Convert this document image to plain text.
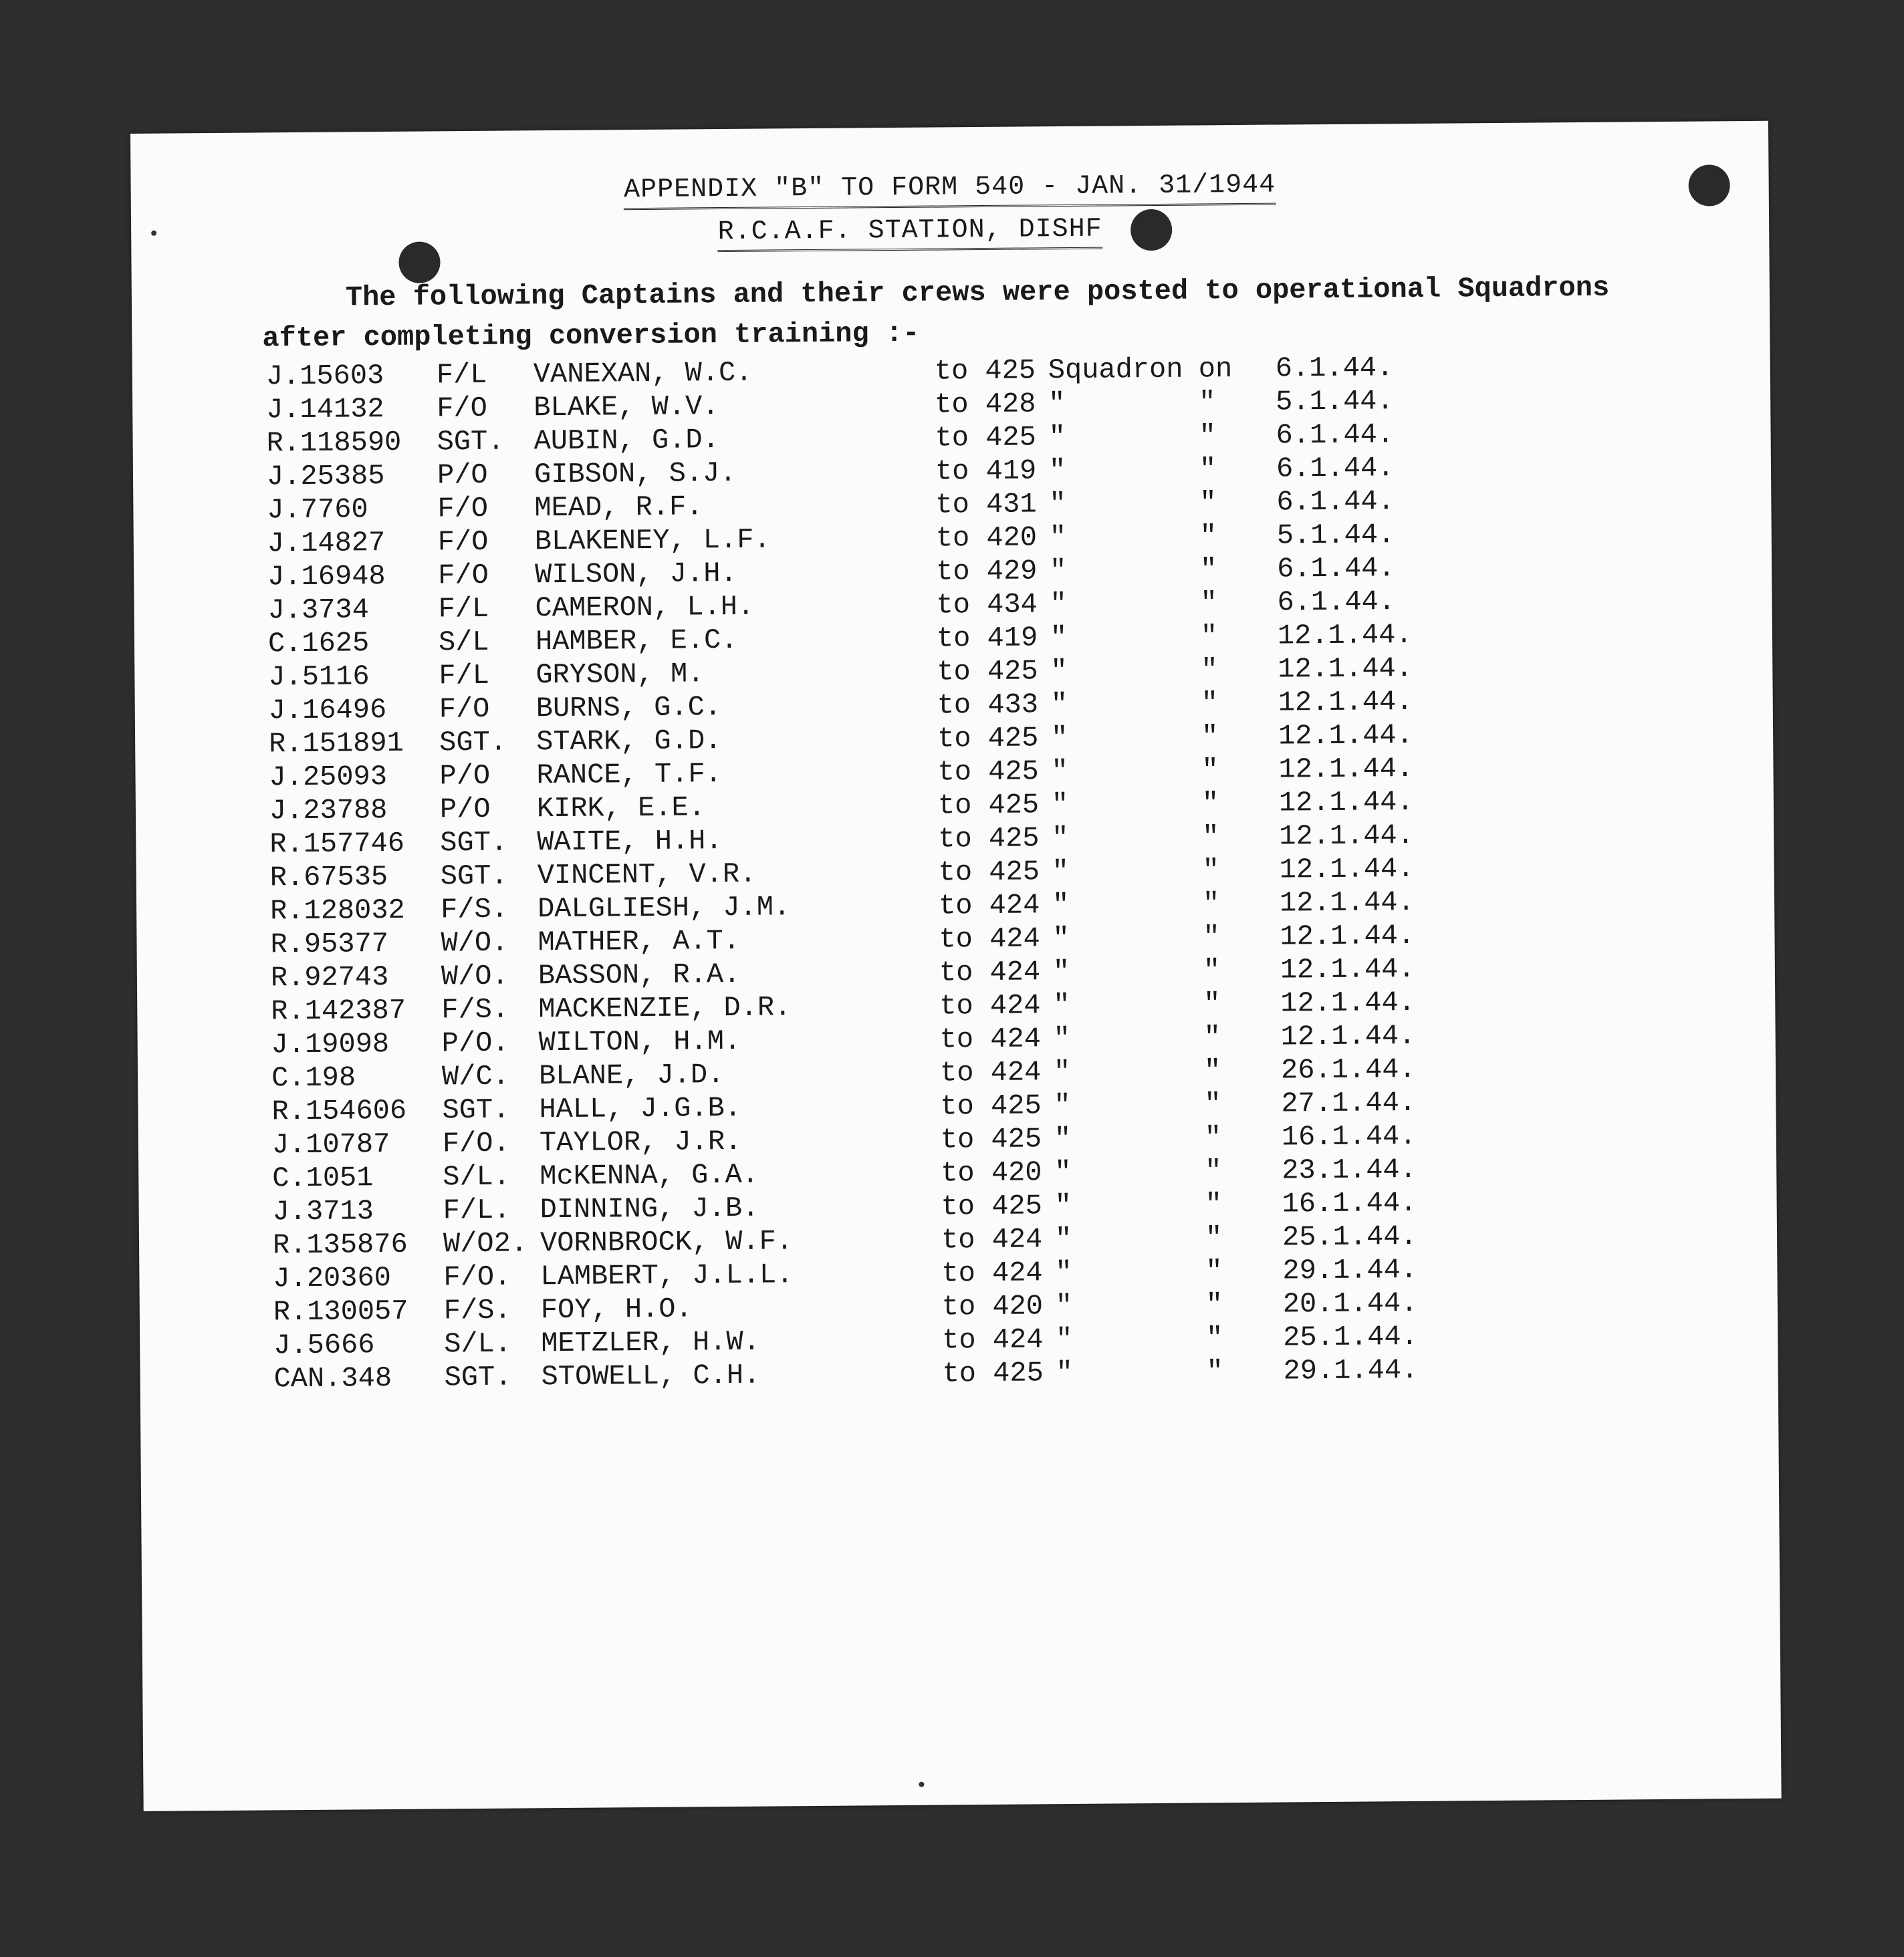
APPENDIX "B" TO FORM 540 - JAN. 31/1944
R.C.A.F. STATION, DISHF
The following Captains and their crews were posted to operational Squadrons
after completing conversion training :-
J.15603 F/L VANEXAN, W.C.	to 425 Squadron on 6.1.44.
J.14132 F/O BLAKE, W.V.	to 428 "	" 5.1.44.
R.118590 SGT. AUBIN, G.D.	to 425 "	" 6.1.44.
J.25385 P/O GIBSON, S.J.	to 419 "	" 6.1.44.
J.7760 F/O MEAD, R.F.	to 431 "	" 6.1.44.
J.14827 F/O BLAKENEY, L.F.	to 420 "	" 5.1.44.
J.16948 F/O WILSON, J.H.	to 429 "	" 6.1.44.
J.3734 F/L CAMERON, L.H.	to 434 "	" 6.1.44.
C.1625 S/L HAMBER, E.C.	to 419 "	" 12.1.44.
J.5116 F/L GRYSON, M.	to 425 "	" 12.1.44.
J.16496 F/O BURNS, G.C.	to 433 "	" 12.1.44.
R.151891 SGT. STARK, G.D.	to 425 "	" 12.1.44.
J.25093 P/O RANCE, T.F.	to 425 "	" 12.1.44.
J.23788 P/O KIRK, E.E.	to 425 "	" 12.1.44.
R.157746 SGT. WAITE, H.H.	to 425 "	" 12.1.44.
R.67535 SGT. VINCENT, V.R.	to 425 "	" 12.1.44.
R.128032 F/S. DALGLIESH, J.M.	to 424 "	" 12.1.44.
R.95377 W/O. MATHER, A.T.	to 424 "	" 12.1.44.
R.92743 W/O. BASSON, R.A.	to 424 "	" 12.1.44.
R.142387 F/S. MACKENZIE, D.R.	to 424 "	" 12.1.44.
J.19098 P/O. WILTON, H.M.	to 424 "	" 12.1.44.
C.198	W/C. BLANE, J.D.	to 424 "	" 26.1.44.
R.154606 SGT. HALL, J.G.B.	to 425 "	" 27.1.44.
J.10787 F/O. TAYLOR, J.R.	to 425 "	" 16.1.44.
C.1051 S/L. McKENNA, G.A.	to 420 "	" 23.1.44.
J.3713 F/L. DINNING, J.B.	to 425 "	" 16.1.44.
R.135876 W/O2. VORNBROCK, W.F.	to 424 "	" 25.1.44.
J.20360 F/O. LAMBERT, J.L.L.	to 424 "	" 29.1.44.
R.130057 F/S. FOY, H.O.	to 420 "	" 20.1.44.
J.5666 S/L. METZLER, H.W.	to 424 "	" 25.1.44.
CAN.348 SGT. STOWELL, C.H.	to 425 "	" 29.1.44.
